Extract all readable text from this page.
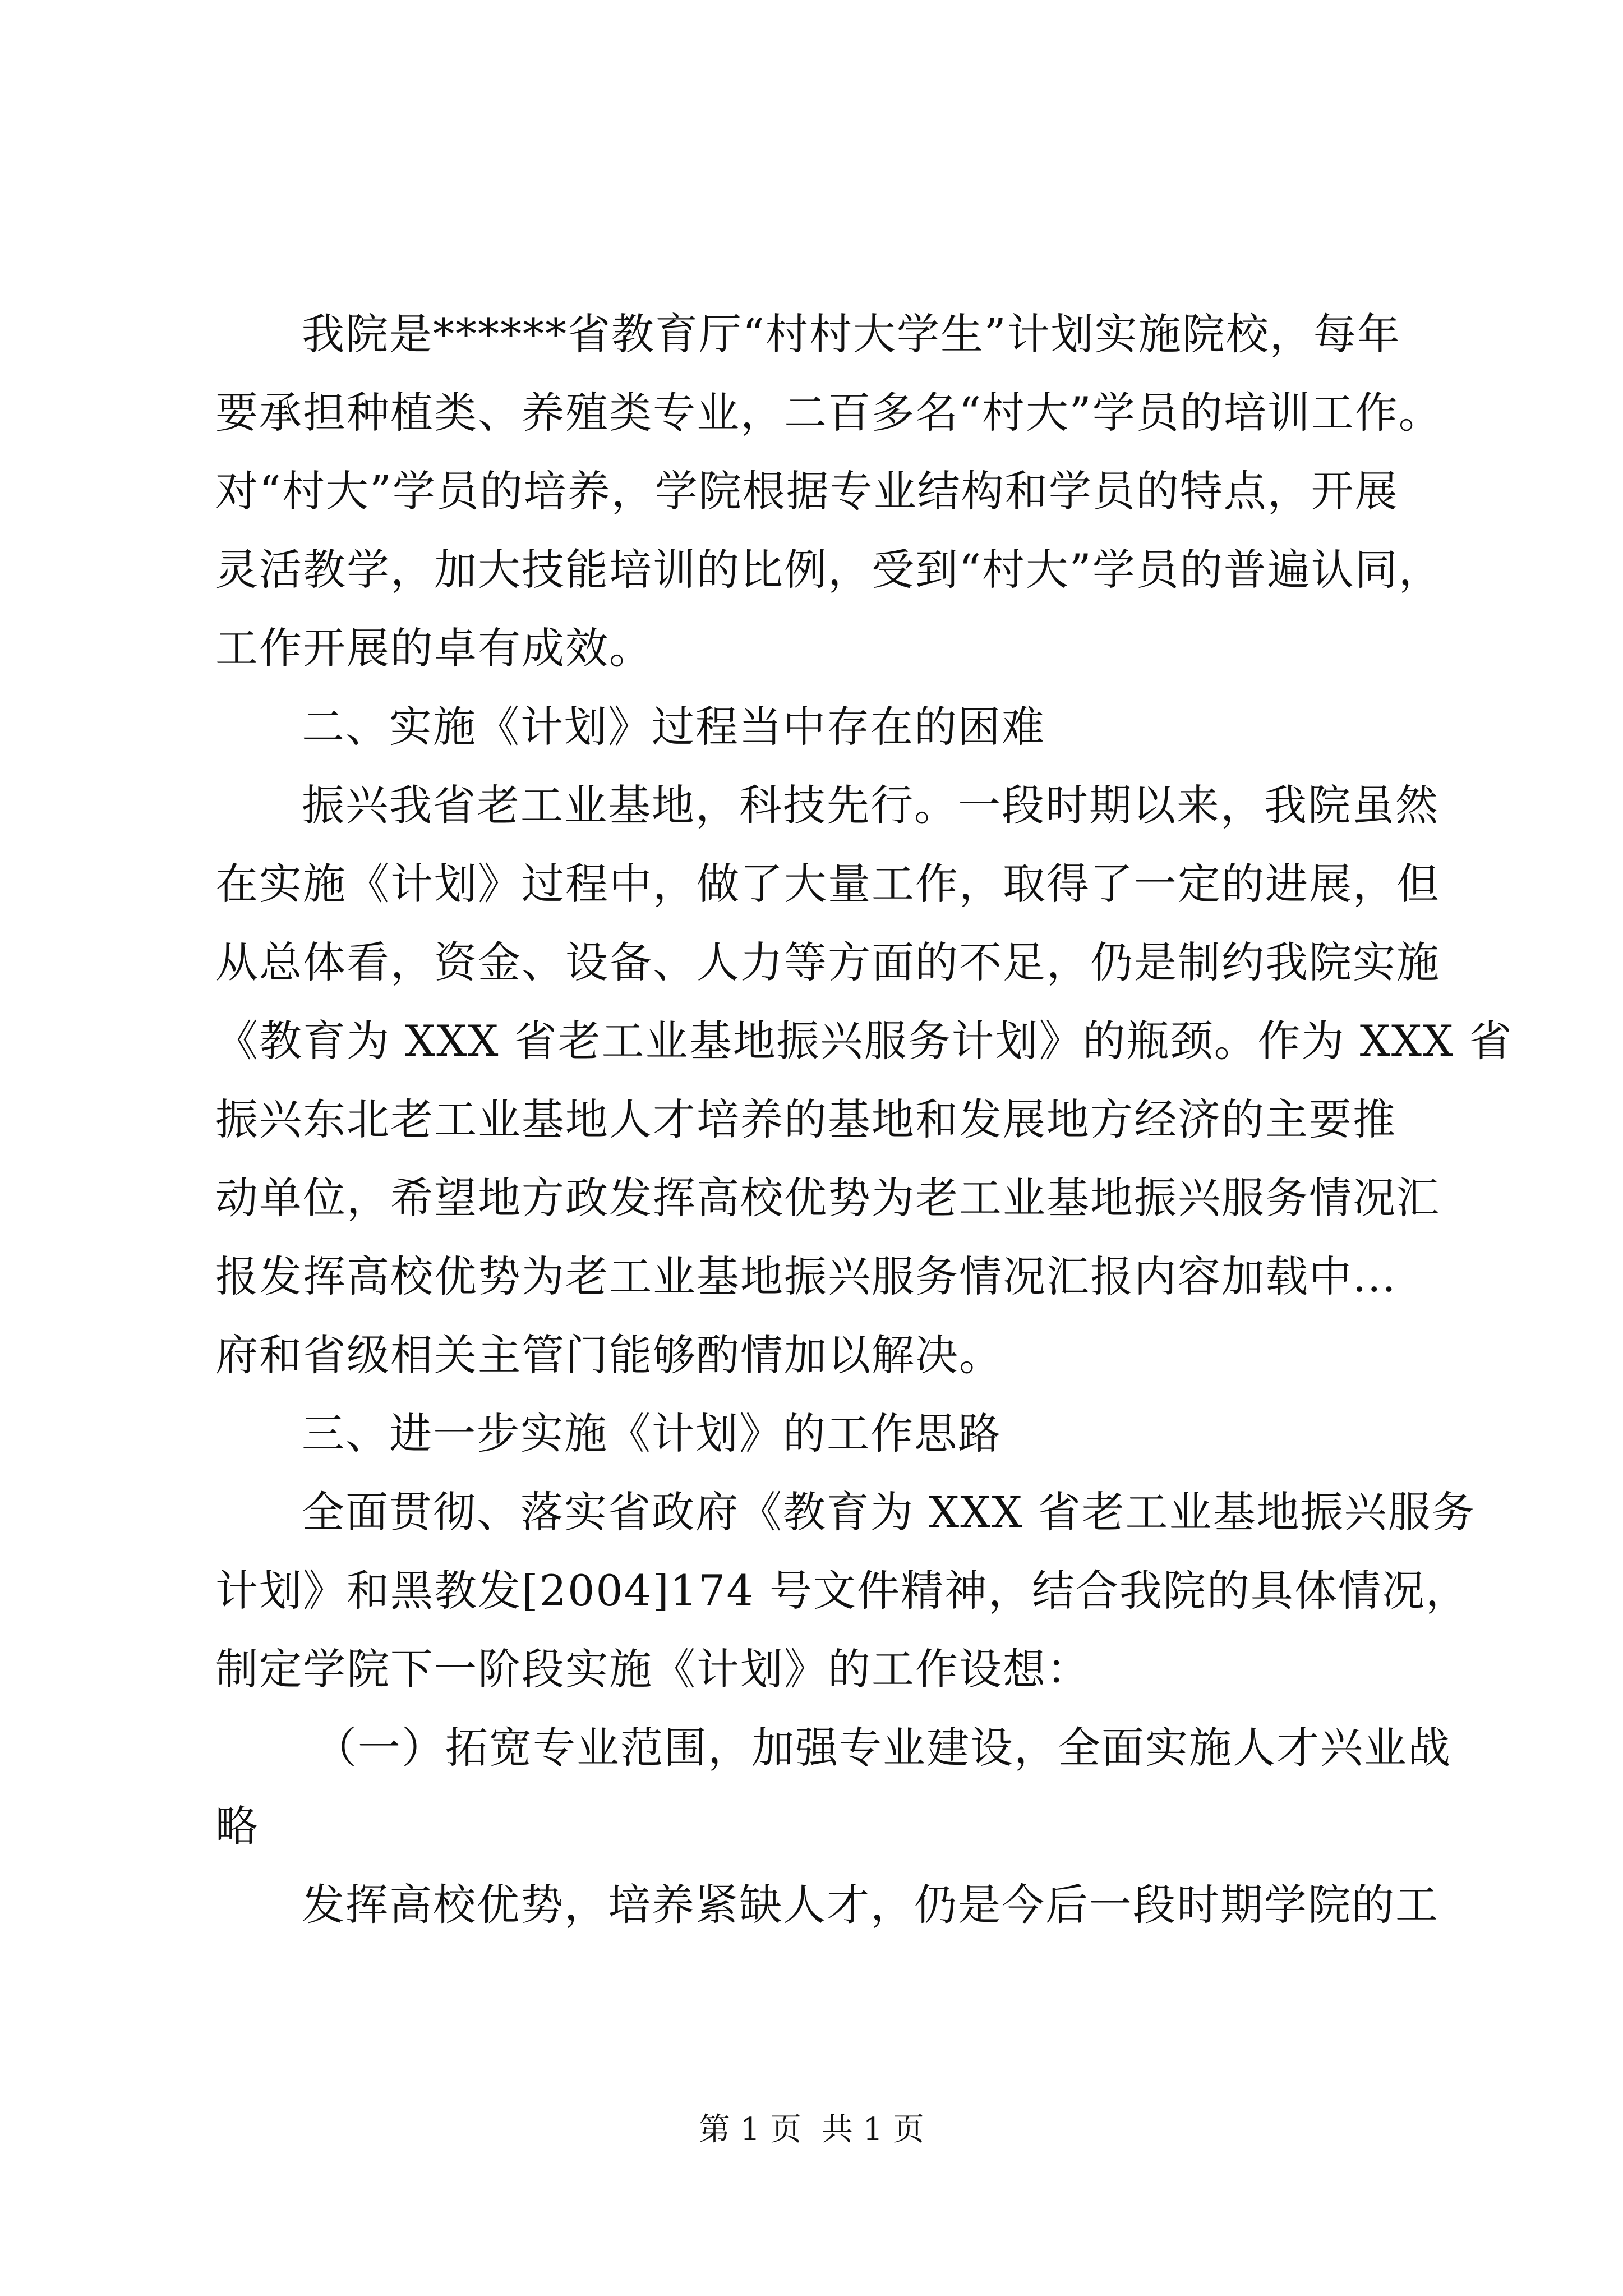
我院是******省教育厅“村村大学生”计划实施院校，每年

要承担种植类、养殖类专业，二百多名“村大”学员的培训工作。

对“村大”学员的培养，学院根据专业结构和学员的特点，开展

灵活教学，加大技能培训的比例，受到“村大”学员的普遍认同，

工作开展的卓有成效。

二、实施《计划》过程当中存在的困难

振兴我省老工业基地，科技先行。一段时期以来，我院虽然

在实施《计划》过程中，做了大量工作，取得了一定的进展，但

从总体看，资金、设备、人力等方面的不足，仍是制约我院实施

《教育为 XXX 省老工业基地振兴服务计划》的瓶颈。作为 XXX 省

振兴东北老工业基地人才培养的基地和发展地方经济的主要推

动单位，希望地方政发挥高校优势为老工业基地振兴服务情况汇

报发挥高校优势为老工业基地振兴服务情况汇报内容加载中...

府和省级相关主管门能够酌情加以解决。

三、进一步实施《计划》的工作思路

全面贯彻、落实省政府《教育为 XXX 省老工业基地振兴服务

计划》和黑教发[2004]174 号文件精神，结合我院的具体情况，

制定学院下一阶段实施《计划》的工作设想：

（一）拓宽专业范围，加强专业建设，全面实施人才兴业战

略

发挥高校优势，培养紧缺人才，仍是今后一段时期学院的工

第 1 页  共 1 页
